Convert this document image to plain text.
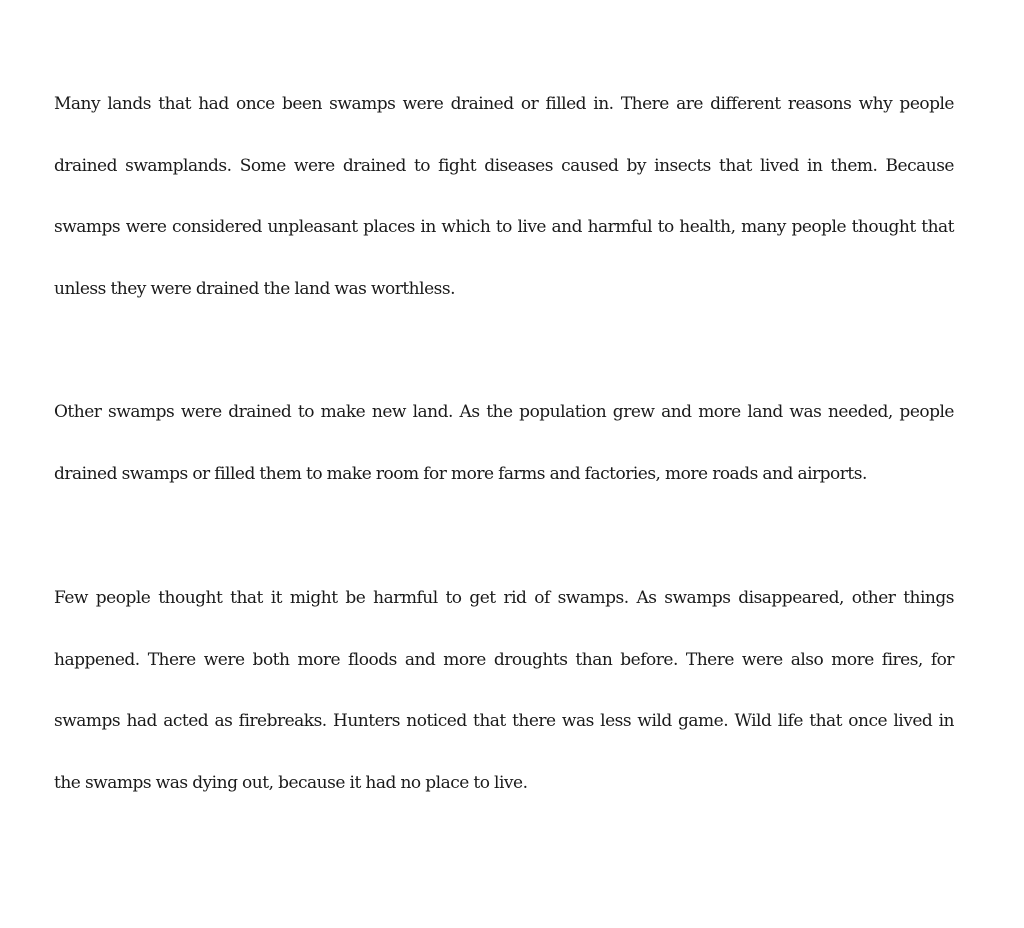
Many lands that had once been swamps were drained or filled in. There are different reasons why people drained swamplands. Some were drained to fight diseases caused by insects that lived in them. Because swamps were considered unpleasant places in which to live and harmful to health, many people thought that unless they were drained the land was worthless.

Other swamps were drained to make new land. As the population grew and more land was needed, people drained swamps or filled them to make room for more farms and factories, more roads and airports.

Few people thought that it might be harmful to get rid of swamps. As swamps disappeared, other things happened. There were both more floods and more droughts than before. There were also more fires, for swamps had acted as firebreaks. Hunters noticed that there was less wild game. Wild life that once lived in the swamps was dying out, because it had no place to live.
